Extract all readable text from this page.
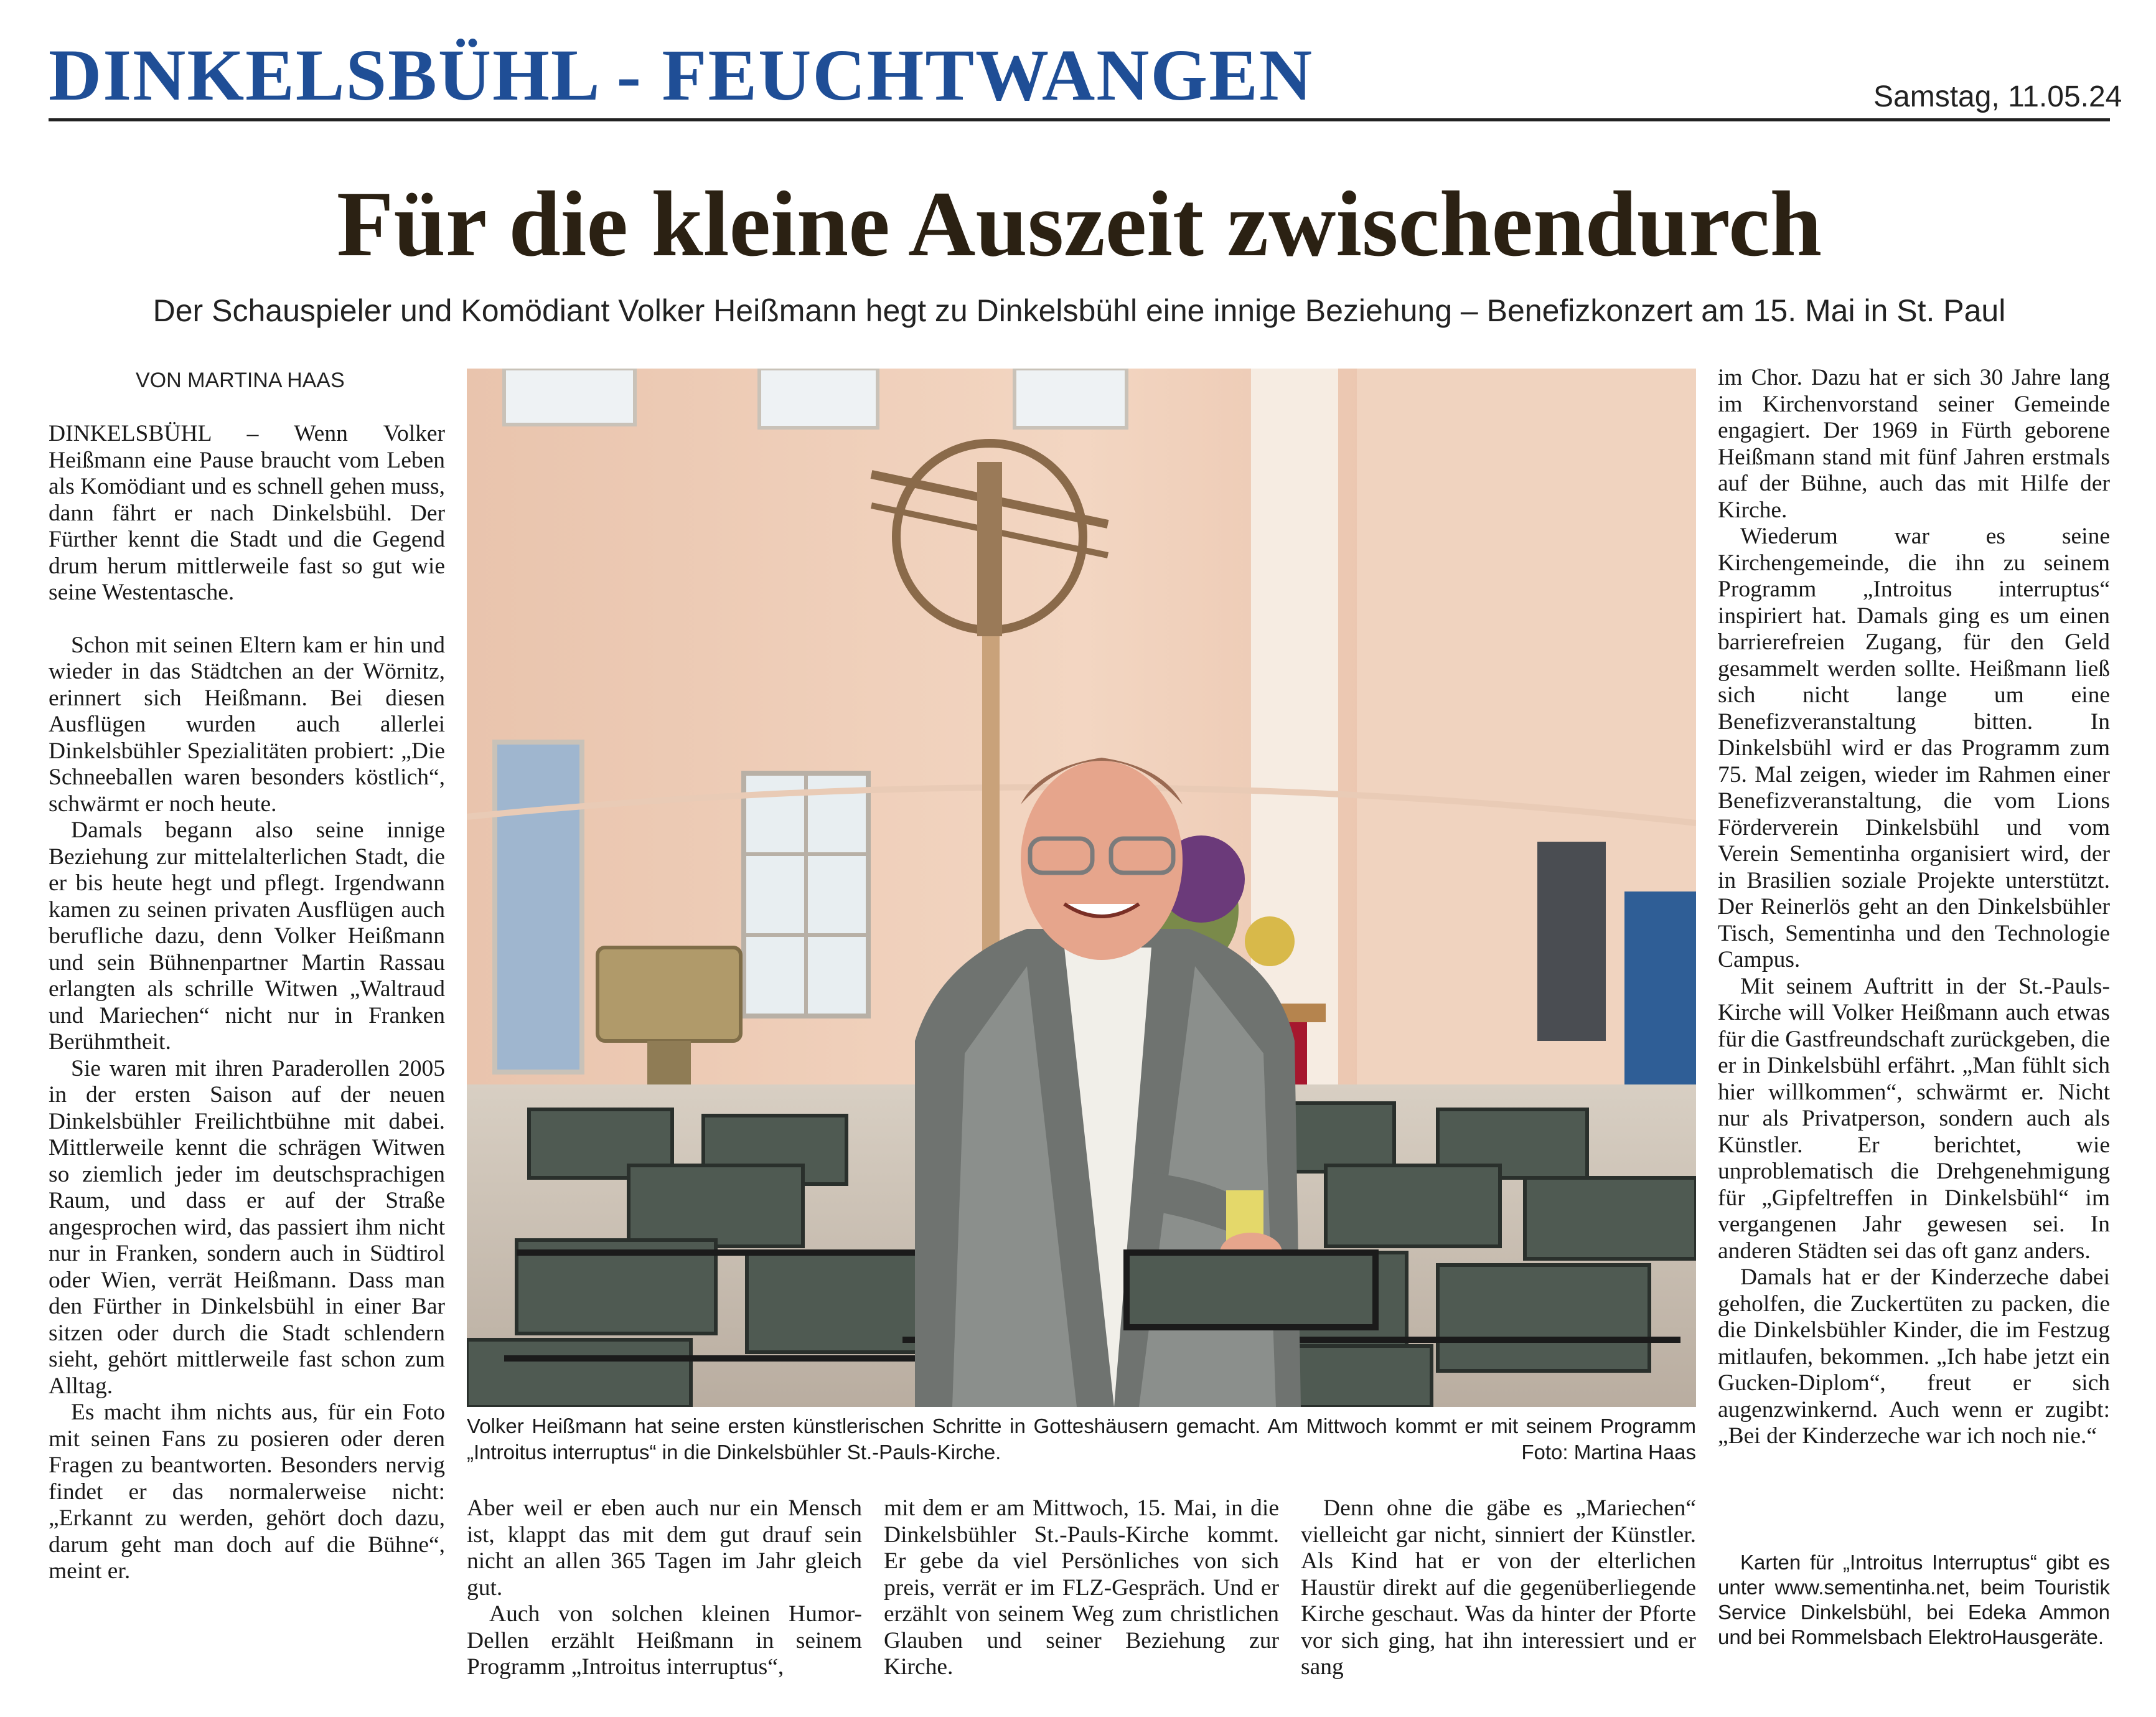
DINKELSBÜHL - FEUCHTWANGEN	Samstag, 11.05.24
Für die kleine Auszeit zwischendurch
Der Schauspieler und Komödiant Volker Heißmann hegt zu Dinkelsbühl eine innige Beziehung – Benefizkonzert am 15. Mai in St. Paul
VON MARTINA HAAS

DINKELSBÜHL – Wenn Volker Heißmann eine Pause braucht vom Leben als Komödiant und es schnell gehen muss, dann fährt er nach Dinkelsbühl. Der Fürther kennt die Stadt und die Gegend drum herum mittlerweile fast so gut wie seine Westentasche.

Schon mit seinen Eltern kam er hin und wieder in das Städtchen an der Wörnitz, erinnert sich Heißmann. Bei diesen Ausflügen wurden auch allerlei Dinkelsbühler Spezialitäten probiert: „Die Schneeballen waren besonders köstlich“, schwärmt er noch heute.

Damals begann also seine innige Beziehung zur mittelalterlichen Stadt, die er bis heute hegt und pflegt. Irgendwann kamen zu seinen privaten Ausflügen auch berufliche dazu, denn Volker Heißmann und sein Bühnenpartner Martin Rassau erlangten als schrille Witwen „Waltraud und Mariechen“ nicht nur in Franken Berühmtheit.

Sie waren mit ihren Paraderollen 2005 in der ersten Saison auf der neuen Dinkelsbühler Freilichtbühne mit dabei. Mittlerweile kennt die schrägen Witwen so ziemlich jeder im deutschsprachigen Raum, und dass er auf der Straße angesprochen wird, das passiert ihm nicht nur in Franken, sondern auch in Südtirol oder Wien, verrät Heißmann. Dass man den Fürther in Dinkelsbühl in einer Bar sitzen oder durch die Stadt schlendern sieht, gehört mittlerweile fast schon zum Alltag.

Es macht ihm nichts aus, für ein Foto mit seinen Fans zu posieren oder deren Fragen zu beantworten. Besonders nervig findet er das normalerweise nicht: „Erkannt zu werden, gehört doch dazu, darum geht man doch auf die Bühne“, meint er.

Volker Heißmann hat seine ersten künstlerischen Schritte in Gotteshäusern gemacht. Am Mittwoch kommt er mit seinem Programm „Introitus interruptus“ in die Dinkelsbühler St.-Pauls-Kirche.	Foto: Martina Haas

Aber weil er eben auch nur ein Mensch ist, klappt das mit dem gut drauf sein nicht an allen 365 Tagen im Jahr gleich gut.

Auch von solchen kleinen Humor-Dellen erzählt Heißmann in seinem Programm „Introitus interruptus“,

mit dem er am Mittwoch, 15. Mai, in die Dinkelsbühler St.-Pauls-Kirche kommt. Er gebe da viel Persönliches von sich preis, verrät er im FLZ-Gespräch. Und er erzählt von seinem Weg zum christlichen Glauben und seiner Beziehung zur Kirche.

Denn ohne die gäbe es „Mariechen“ vielleicht gar nicht, sinniert der Künstler. Als Kind hat er von der elterlichen Haustür direkt auf die gegenüberliegende Kirche geschaut. Was da hinter der Pforte vor sich ging, hat ihn interessiert und er sang

im Chor. Dazu hat er sich 30 Jahre lang im Kirchenvorstand seiner Gemeinde engagiert. Der 1969 in Fürth geborene Heißmann stand mit fünf Jahren erstmals auf der Bühne, auch das mit Hilfe der Kirche.

Wiederum war es seine Kirchengemeinde, die ihn zu seinem Programm „Introitus interruptus“ inspiriert hat. Damals ging es um einen barrierefreien Zugang, für den Geld gesammelt werden sollte. Heißmann ließ sich nicht lange um eine Benefizveranstaltung bitten. In Dinkelsbühl wird er das Programm zum 75. Mal zeigen, wieder im Rahmen einer Benefizveranstaltung, die vom Lions Förderverein Dinkelsbühl und vom Verein Sementinha organisiert wird, der in Brasilien soziale Projekte unterstützt. Der Reinerlös geht an den Dinkelsbühler Tisch, Sementinha und den Technologie Campus.

Mit seinem Auftritt in der St.-Pauls-Kirche will Volker Heißmann auch etwas für die Gastfreundschaft zurückgeben, die er in Dinkelsbühl erfährt. „Man fühlt sich hier willkommen“, schwärmt er. Nicht nur als Privatperson, sondern auch als Künstler. Er berichtet, wie unproblematisch die Drehgenehmigung für „Gipfeltreffen in Dinkelsbühl“ im vergangenen Jahr gewesen sei. In anderen Städten sei das oft ganz anders.

Damals hat er der Kinderzeche dabei geholfen, die Zuckertüten zu packen, die die Dinkelsbühler Kinder, die im Festzug mitlaufen, bekommen. „Ich habe jetzt ein Gucken-Diplom“, freut er sich augenzwinkernd. Auch wenn er zugibt: „Bei der Kinderzeche war ich noch nie.“

Karten für „Introitus Interruptus“ gibt es unter www.sementinha.net, beim Touristik Service Dinkelsbühl, bei Edeka Ammon und bei Rommelsbach ElektroHausgeräte.
